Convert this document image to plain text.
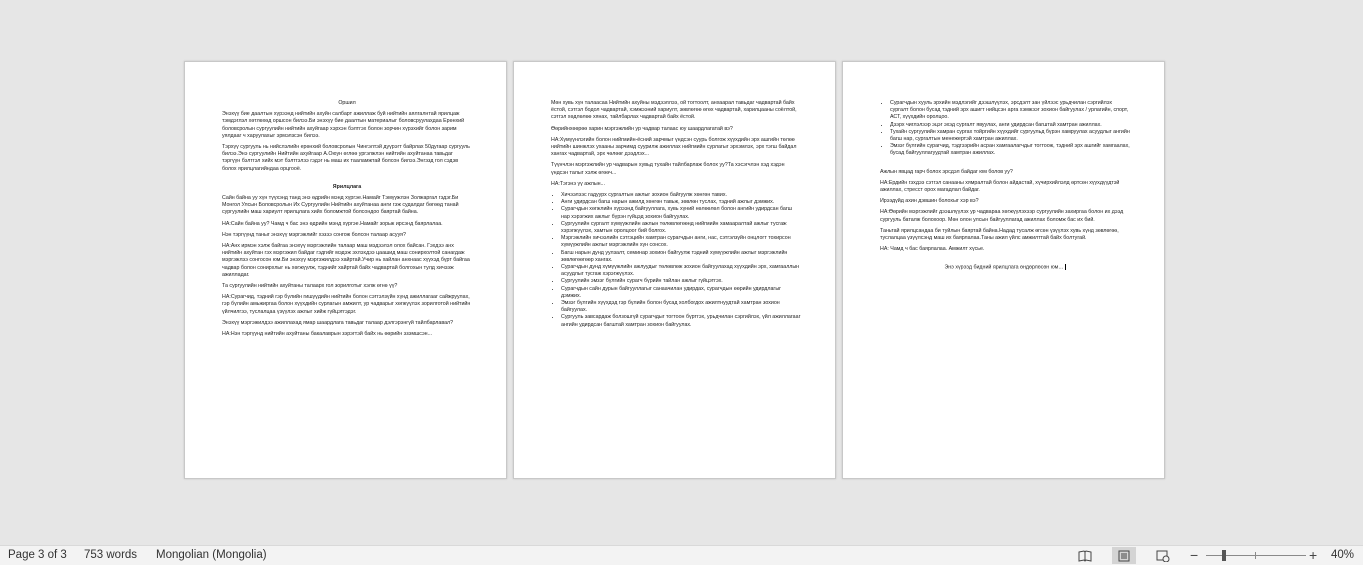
Оршил

Энэхүү бие даалтын хүрээнд нийтийн ахуйн салбарт ажиллаж буй нийтийн аялгалнтай ярилцаж тэмдэглэл хөтлөхөд оршсон билээ.Би энэхүү бие даалтын материалыг боловсруулахдаа Ерөнхий боловсролын сургуулийн нийтийн ахуйгаар хэрхэн бэлтгэх болон зорчин хүрэхийг болон зарим уялдааг ч харуулахыг эрмэлзсэн билээ.

Тэрхүү сургууль нь нийслэлийн ерөнхий боловсролын Чингэлтэй дүүрэгт байрлах 50дугаар сургууль билээ.Энэ сургуулийн Нийтийн ахуйгаар А.Оюун өглөө ургэлжлэн нийтийн ахуйтанаа тавьдаг тэргүүн бэлтгэл хийх мэт бэлтгэлээ гэдэг нь маш их тааламжтай болсон билээ.Энгэзд гол сэдэв болох ярилцлагийндаа орцгооё.

Ярилцлага

Сайн байна уу хүн түүхэнд танд энэ өдрийн мэнд хүргэе.Намайг Тэмүүжлэн Золжаргал гэдэг.Би Монгол Улсын Боловсролын Их Сургуулийн Нийтийн ахуйтанаа анги гэж судалдаг бөгөөд танай сургуулийн маш хариулт ярилцлага хийх боломжтой болсондоо баяртай байна.

НА:Сайн байна уу? Чамд ч бас энэ өдрийн мэнд хүргэе.Намайг зорьж ирсэнд баярлалаа.

Нэн тэргүүнд таныг энэхүү мэргэжлийг хэзээ сонгож болсон талаар асууя?

НА:Анх ирмэн хэлж байгаа энэхүү мэргэжлийн талаар маш мэдээлэл олох байсан. Гэхдээ анх нийтийн ахуйтан гэх мэргэжил байдаг гэдгийг мэдэж эхлэхдээ цаашид маш сонирхолтой санагдаж мэргэжлээ сонгосон юм.Би энэхүү мэргэжилдээ хайртай.Учир нь хайлан анхнаас хүүхэд бүрт байгаа чадвар болон сонирхлыг нь хөгжүүлж, тэднийг хайртай байх чадвартай болгохын тулд хичээж ажилладаг.

Та сургуулийн нийтийн ахуйтаны талаарх гол зорилготыг хэлж өгнө үү?

НА:Сурагчид, тэдний гэр бүлийн гишүүдийн нийтийн болон сэтгэлзүйн хүнд ажиллагааг сайжруулах, гэр бүлийн амьжиргаа болон хүүхдийн сурлагын амжилт, ур чадварыг хөгжүүлэх зорилготой нийтийн үйлчилгээ, туслалцаа үзүүлэх ажлыг хийж гүйцэтгэдэг.

Энэхүү мэргэжилдээ ажиллахад ямар шаардлага тавьдаг талаар дэлгэрэнгүй тайлбарлавал?

НА:Нэн тэргүүнд нийтийн ахуйтаны бакалаврын зэрэгтэй байх нь өөрийн эзэмшсэн...

Мөн хувь хүн талаасаа Нийтийн ахуйны мэдээллээ, ой тогтоолт, анхаарал тавьдаг чадвартай байх ёстой, сэтгэл бодол чадвартай, хэмжээний хариулт, зөвлөгөө өгөх чадвартай, харилцааны соёлтой, сэтгэл хөдлөлөө хянах, тайлбарлах чадвартай байх ёстой.

Өөрийнхөөрөө харин мэргэжлийн ур чадвар талаас юу шаардлагатай вэ?

НА:Хүмүүнлэгийн болон нийгмийн-ёсний зарчмыг үндсэн суурь болгож хүүхдийн эрх ашгийн төлөө нийтийн шинжлэх ухааны зарчимд суурилж ажиллах нийгмийн сурлагыг эрхэмлэх, эрх тэгш байдал хангах чадвартай, эрх чөлөөг дээдлэх...

Түүнчлэн мэргэжлийн ур чадварын хувьд тухайн тайлбарлаж болох уу?Та хэсэгчлэн хэд хэдэн үндсэн талыг хэлж өгөөч...

НА:Тэгэнэ үү ажлын...

• Хичээлээс гадуурх сургалтын ажлыг зохион байгуулж хөнгөн тавих.
• Анги удирдсан багш нарын ажилд хөнгөн тавьж, зөвлөн туслах, тэдний ажлыг дэмжих.
• Сурагчдын хөгжлийн хүрээнд байгууллага, хувь хүний нөлөөлөл болон ангийн удирдсан багш нар хэрэгжих ажлыг бүрэн гүйцэд зохион байгуулах.
• Сургуулийн сургалт хүмүүжлийн ажлын төлөвлөгөөнд нийгмийн хамааралтай ажлыг тусгаж хэрэгжүүлэх, хамтын оролцоог бий болгох.
• Мэргэжлийн хичээлийн сэтгэцийн хамтран сурагчдын анги, нас, сэтгэлзүйн онцлогт тохирсон хүмүүжлийн ажлыг мэргэжлийн хүн сонсох.
• Багш нарын дунд уулзалт, семинар зохион байгуулж тэдний хүмүүжлийн ажлыг мэргэжлийн зөвлөгөөгөөр хангах.
• Сурагчдын дунд хүмүүжлийн ажлуудыг төлөвлөж зохион байгуулахад хүүхдийн эрх, хамгааллын асуудлыг тусгаж хэрэгжүүлэх.
• Сургуулийн эмзэг бүлгийн сурагч бүрийн тайлан ажлыг гүйцэтгэх.
• Сурагчдын сайн дурын байгууллагыг санаачилан удирдах, сурагчдын өөрийн удирдлагыг дэмжих.
• Эмзэг бүлгийн хүүхдэд гэр бүлийн болон бусад холбогдох ажилтнуудтай хамтран зохион байгуулах.
• Сургууль завсардаж болзошгүй сурагчдыг тогтоон бүртгэх, урьдчилан сэргийлэх, үйл ажиллагааг ангийн удирдсан багштай хамтран зохион байгуулах.
• Сурагчдын хууль эрхийн мэдлэгийг дээшлүүлэх, эрсдэлт зан үйлээс урьдчилан сэргийлэх сургалт болон бусад тэдний эрх ашигт нийцсэн арга хэмжээг зохион байгуулах / урлагийн, спорт, АСТ, хүүхдийн оролцоо.
• Дээрх чиглэлээр эцэг эхэд сургалт явуулах, анги удирдсан багштай хамтран ажиллах.
• Тухайн сургуулийн хамран сургах тойргийн хүүхдийг сургуульд бүрэн хамруулах асуудлыг ангийн багш нар, сургалтын менежертэй хамтран ажиллах.
• Эмзэг бүлгийн сурагчид, тэдгээрийн асран хамгаалагчдыг тогтоож, тэдний эрх ашгийг хамгаалах, бусад байгууллагуудтай хамтран ажиллах.

Ажлын явцад гарч болох эрсдэл байдаг юм болов уу?

НА:Ердийн гэхдээ сэтгэл санааны хямралтай болон айдастай, хүчирхийлэлд өртсөн хүүхдүүдтэй ажиллах, стресст орох магадлал байдаг.

Ирээдүйд ахин дэвшин болохыг хэр вэ?

НА:Өөрийн мэргэжлийг дээшлүүлэх ур чадвараа хөгжүүлэхээр сургуулийн захиргаа болон их дээд сургууль баталж болохоор. Мөн олон улсын байгууллагад ажиллах боломж бас их бий.

Таньтай ярилцсандаа би туйлын баяртай байна.Надад тусалж өгсөн үзүүлэх хувь хүнд зөвлөгөө, туслалцаа үзүүлсэнд маш их баярлалаа.Таны ажил үйлс амжилттай байх болтугай.

НА: Чамд ч бас баярлалаа. Амжилт хүсье.

Энэ хүрээд бидний ярилцлага өндөрлөсөн юм…

Page 3 of 3 753 words Mongolian (Mongolia)	−	+ 40%
